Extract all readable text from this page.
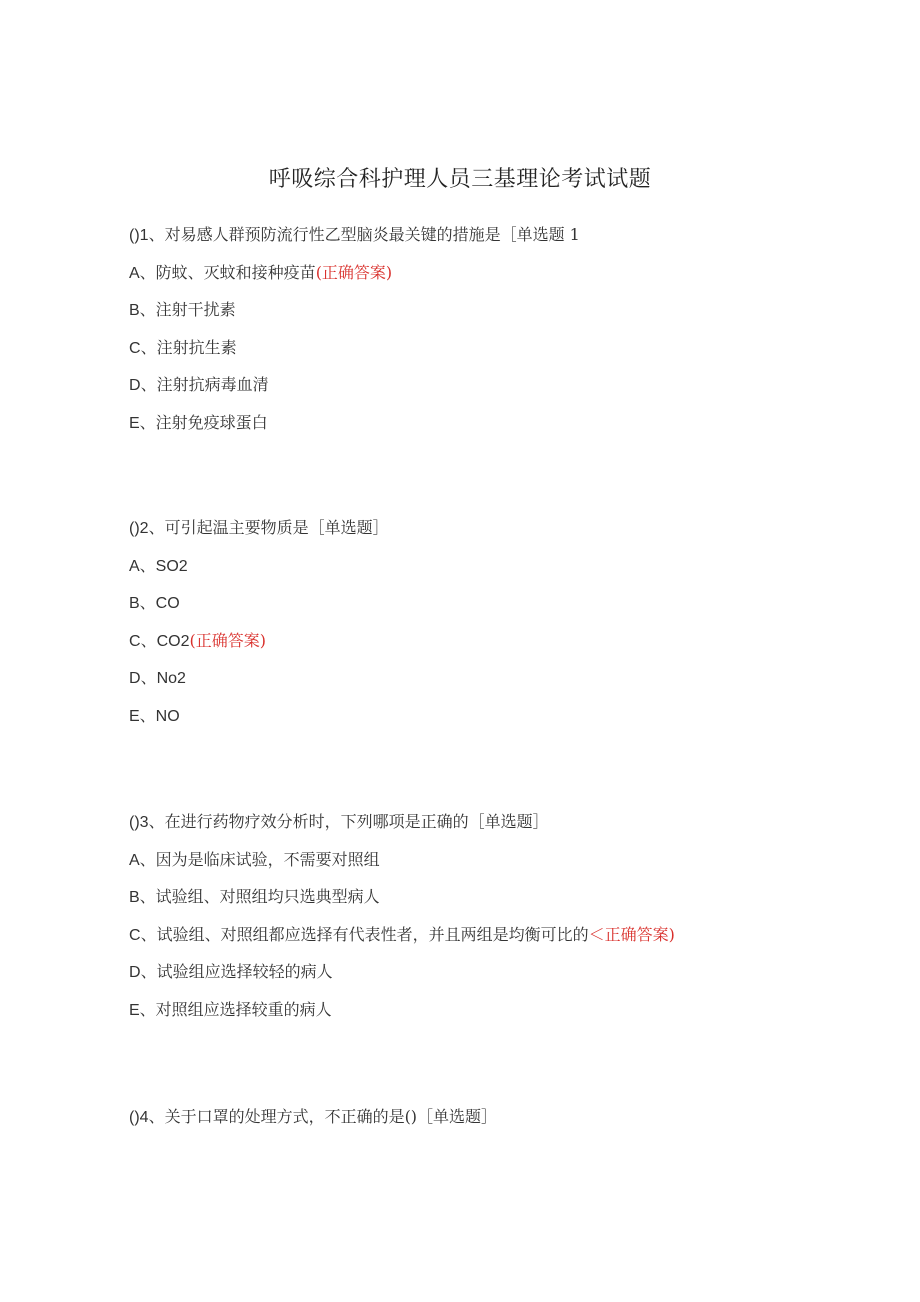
呼吸综合科护理人员三基理论考试试题
()1、对易感人群预防流行性乙型脑炎最关键的措施是［单选题 1
A、防蚊、灭蚊和接种疫苗(正确答案)
B、注射干扰素
C、注射抗生素
D、注射抗病毒血清
E、注射免疫球蛋白
()2、可引起温主要物质是［单选题］
A、SO2
B、CO
C、CO2(正确答案)
D、No2
E、NO
()3、在进行药物疗效分析时，下列哪项是正确的［单选题］
A、因为是临床试验，不需要对照组
B、试验组、对照组均只选典型病人
C、试验组、对照组都应选择有代表性者，并且两组是均衡可比的＜正确答案)
D、试验组应选择较轻的病人
E、对照组应选择较重的病人
()4、关于口罩的处理方式，不正确的是()［单选题］
